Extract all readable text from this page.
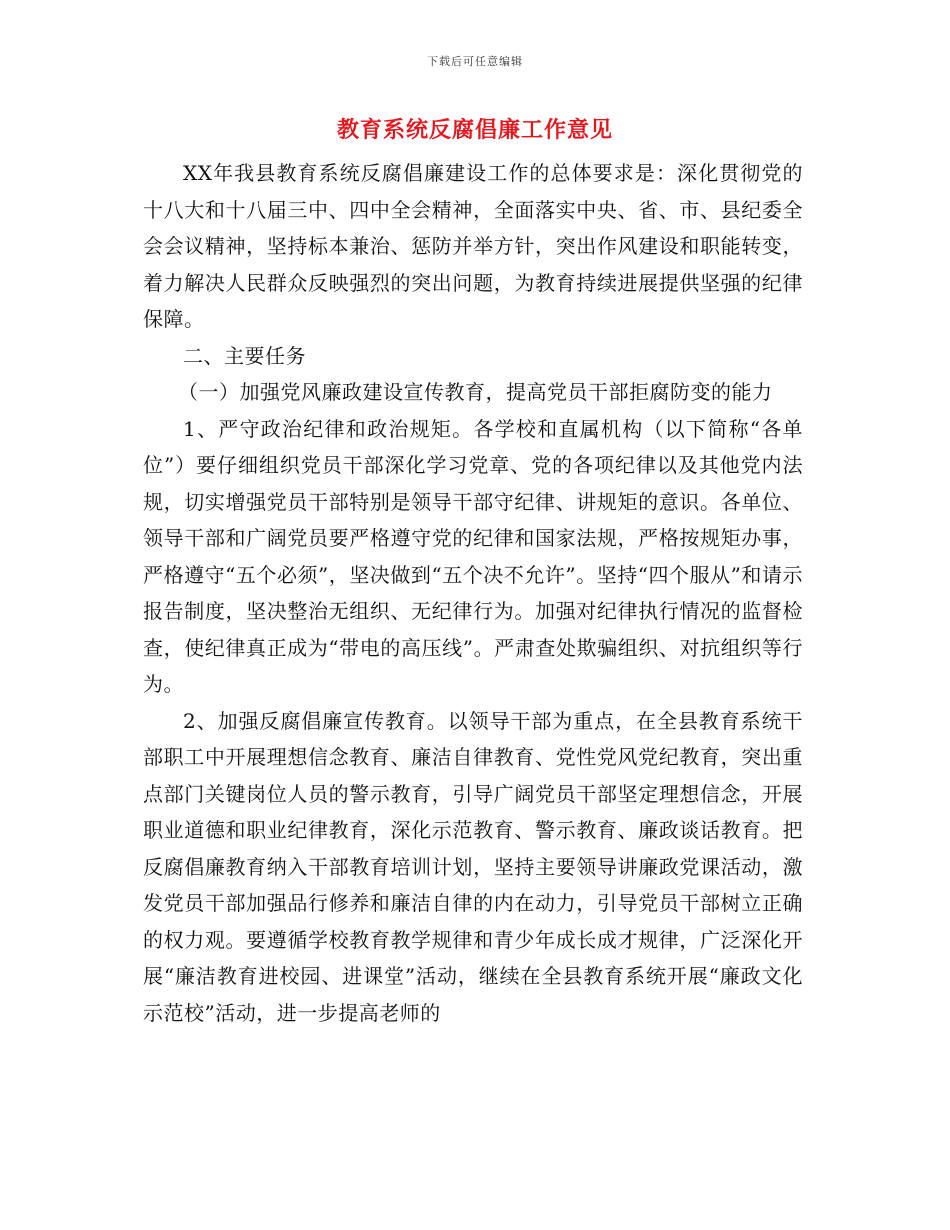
下载后可任意编辑
教育系统反腐倡廉工作意见

XX年我县教育系统反腐倡廉建设工作的总体要求是：深化贯彻党的十八大和十八届三中、四中全会精神，全面落实中央、省、市、县纪委全会会议精神，坚持标本兼治、惩防并举方针，突出作风建设和职能转变，着力解决人民群众反映强烈的突出问题，为教育持续进展提供坚强的纪律保障。

二、主要任务

（一）加强党风廉政建设宣传教育，提高党员干部拒腐防变的能力

1、严守政治纪律和政治规矩。各学校和直属机构（以下简称“各单位”）要仔细组织党员干部深化学习党章、党的各项纪律以及其他党内法规，切实增强党员干部特别是领导干部守纪律、讲规矩的意识。各单位、领导干部和广阔党员要严格遵守党的纪律和国家法规，严格按规矩办事，严格遵守“五个必须”，坚决做到“五个决不允许”。坚持“四个服从”和请示报告制度，坚决整治无组织、无纪律行为。加强对纪律执行情况的监督检查，使纪律真正成为“带电的高压线”。严肃查处欺骗组织、对抗组织等行为。

2、加强反腐倡廉宣传教育。以领导干部为重点，在全县教育系统干部职工中开展理想信念教育、廉洁自律教育、党性党风党纪教育，突出重点部门关键岗位人员的警示教育，引导广阔党员干部坚定理想信念，开展职业道德和职业纪律教育，深化示范教育、警示教育、廉政谈话教育。把反腐倡廉教育纳入干部教育培训计划，坚持主要领导讲廉政党课活动，激发党员干部加强品行修养和廉洁自律的内在动力，引导党员干部树立正确的权力观。要遵循学校教育教学规律和青少年成长成才规律，广泛深化开展“廉洁教育进校园、进课堂”活动，继续在全县教育系统开展“廉政文化示范校”活动，进一步提高老师的
